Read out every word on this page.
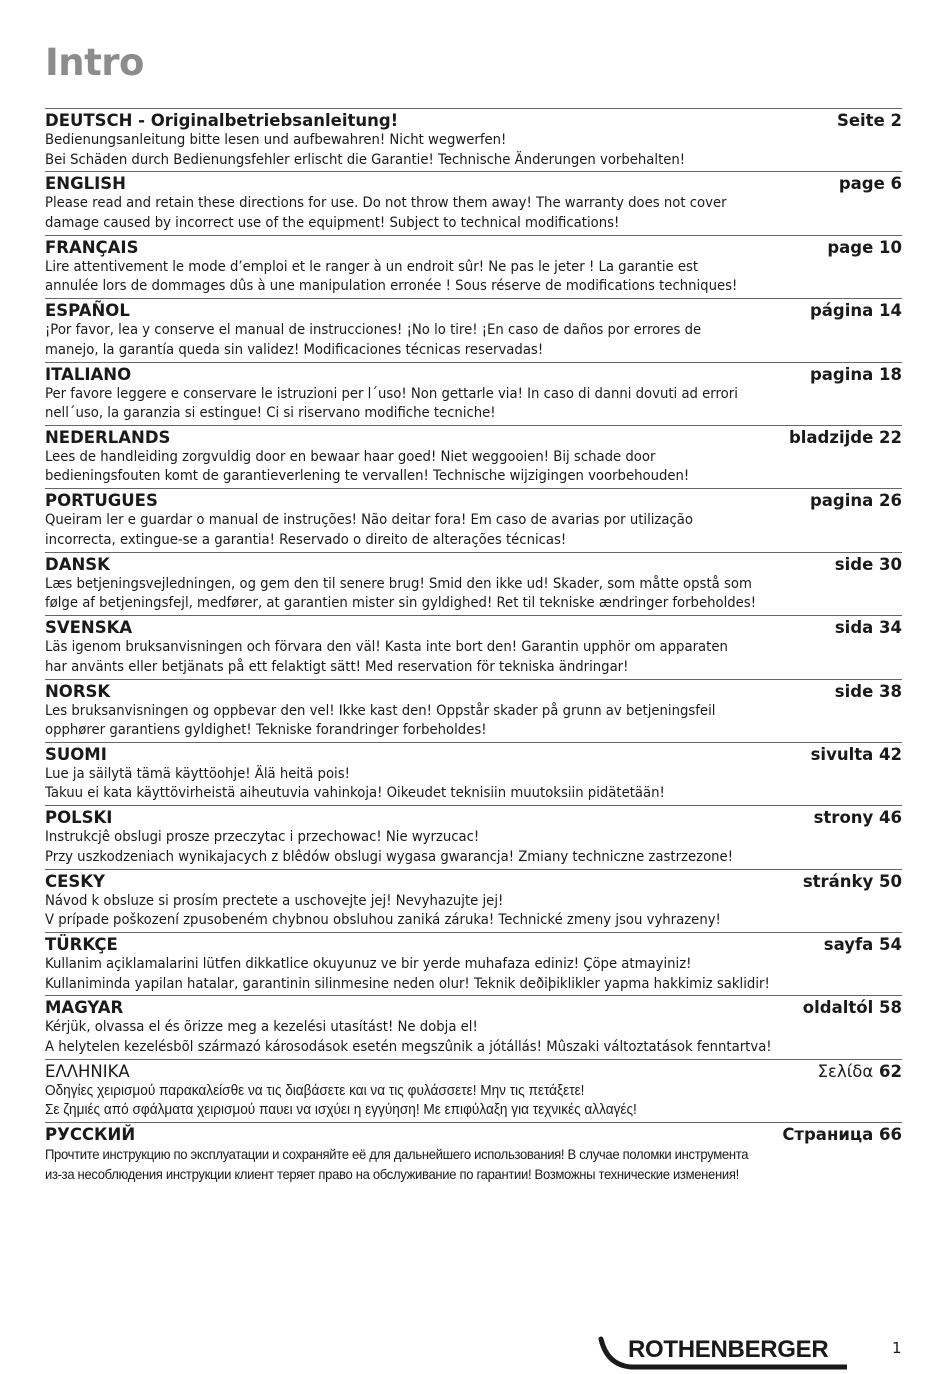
Intro
DEUTSCH - Originalbetriebsanleitung!	Seite 2
Bedienungsanleitung bitte lesen und aufbewahren! Nicht wegwerfen!
Bei Schäden durch Bedienungsfehler erlischt die Garantie! Technische Änderungen vorbehalten!
ENGLISH	page 6
Please read and retain these directions for use. Do not throw them away! The warranty does not cover
damage caused by incorrect use of the equipment! Subject to technical modifications!
FRANÇAIS	page 10
Lire attentivement le mode d’emploi et le ranger à un endroit sûr! Ne pas le jeter ! La garantie est
annulée lors de dommages dûs à une manipulation erronée ! Sous réserve de modifications techniques!
ESPAÑOL	página 14
¡Por favor, lea y conserve el manual de instrucciones! ¡No lo tire! ¡En caso de daños por errores de
manejo, la garantía queda sin validez! Modificaciones técnicas reservadas!
ITALIANO	pagina 18
Per favore leggere e conservare le istruzioni per l´uso! Non gettarle via! In caso di danni dovuti ad errori
nell´uso, la garanzia si estingue! Ci si riservano modifiche tecniche!
NEDERLANDS	bladzijde 22
Lees de handleiding zorgvuldig door en bewaar haar goed! Niet weggooien! Bij schade door
bedieningsfouten komt de garantieverlening te vervallen! Technische wijzigingen voorbehouden!
PORTUGUES	pagina 26
Queiram ler e guardar o manual de instruções! Não deitar fora! Em caso de avarias por utilização
incorrecta, extingue-se a garantia! Reservado o direito de alterações técnicas!
DANSK	side 30
Læs betjeningsvejledningen, og gem den til senere brug! Smid den ikke ud! Skader, som måtte opstå som
følge af betjeningsfejl, medfører, at garantien mister sin gyldighed! Ret til tekniske ændringer forbeholdes!
SVENSKA	sida 34
Läs igenom bruksanvisningen och förvara den väl! Kasta inte bort den! Garantin upphör om apparaten
har använts eller betjänats på ett felaktigt sätt! Med reservation för tekniska ändringar!
NORSK	side 38
Les bruksanvisningen og oppbevar den vel! Ikke kast den! Oppstår skader på grunn av betjeningsfeil
opphører garantiens gyldighet! Tekniske forandringer forbeholdes!
SUOMI	sivulta 42
Lue ja säilytä tämä käyttöohje! Älä heitä pois!
Takuu ei kata käyttövirheistä aiheutuvia vahinkoja! Oikeudet teknisiin muutoksiin pidätetään!
POLSKI	strony 46
Instrukcjê obslugi prosze przeczytac i przechowac! Nie wyrzucac!
Przy uszkodzeniach wynikajacych z blêdów obslugi wygasa gwarancja! Zmiany techniczne zastrzezone!
CESKY	stránky 50
Návod k obsluze si prosím prectete a uschovejte jej! Nevyhazujte jej!
V prípade poškození zpusobeném chybnou obsluhou zaniká záruka! Technické zmeny jsou vyhrazeny!
TÜRKÇE	sayfa 54
Kullanim açiklamalarini lütfen dikkatlice okuyunuz ve bir yerde muhafaza ediniz! Çöpe atmayiniz!
Kullaniminda yapilan hatalar, garantinin silinmesine neden olur! Teknik deðiþiklikler yapma hakkimiz saklidir!
MAGYAR	oldaltól 58
Kérjük, olvassa el és õrizze meg a kezelési utasítást! Ne dobja el!
A helytelen kezelésbõl származó károsodások esetén megszûnik a jótállás! Mûszaki változtatások fenntartva!
ΕΛΛΗΝΙΚΑ	Σελίδα 62
Οδηγίες χειρισμού παρακαλείσθε να τις διαβάσετε και να τις φυλάσσετε! Μην τις πετάξετε!
Σε ζημιές από σφάλματα χειρισμού παυει να ισχύει η εγγύηση! Με επιφύλαξη για τεχνικές αλλαγές!
РУССКИЙ	Страница 66
Прочтите инструкцию по эксплуатации и сохраняйте её для дальнейшего использования! В случае поломки инструмента
из-за несоблюдения инструкции клиент теряет право на обслуживание по гарантии! Возможны технические изменения!
ROTHENBERGER	1
